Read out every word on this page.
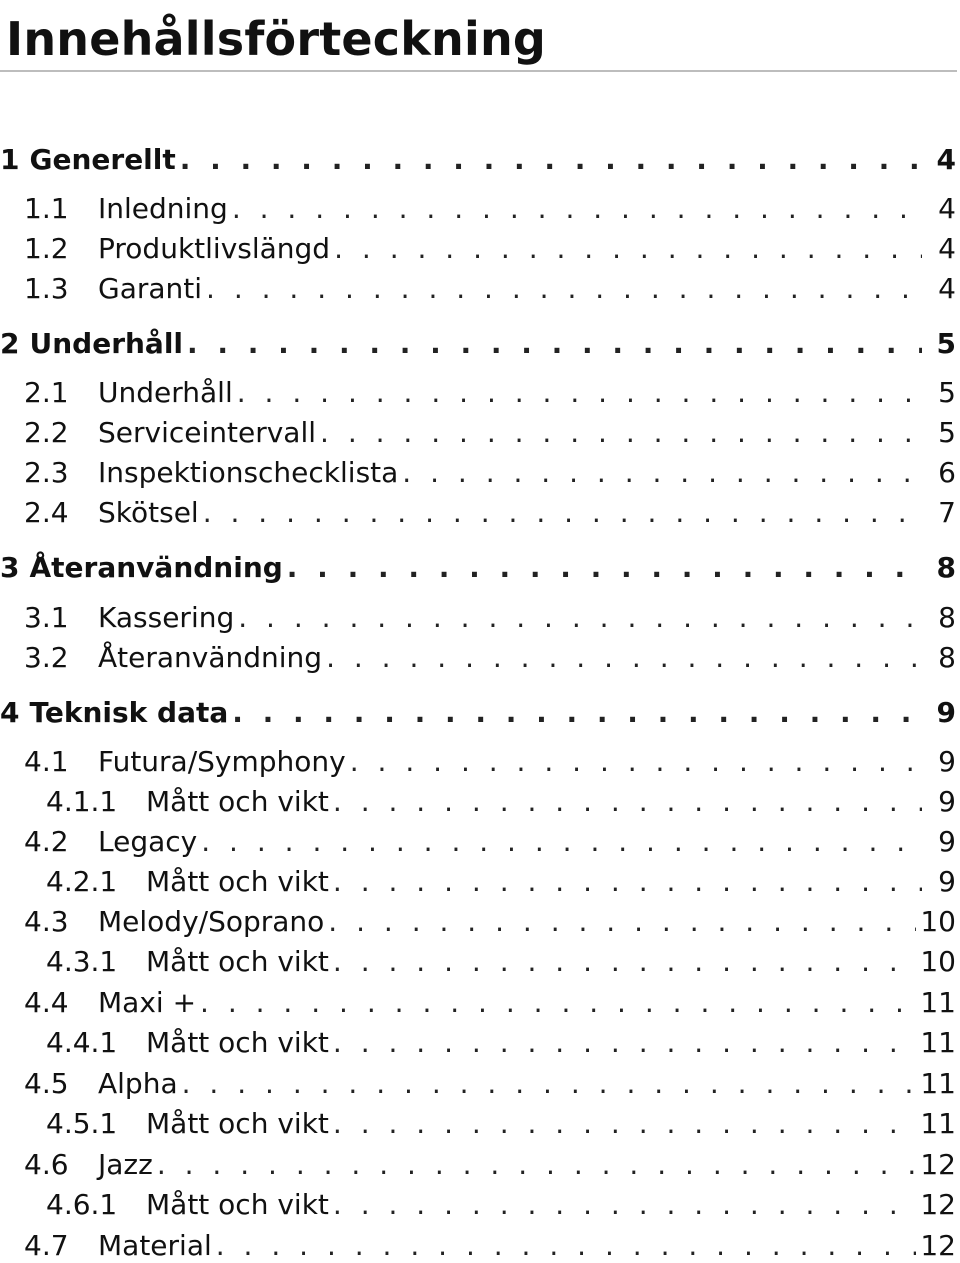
Innehållsförteckning
1 Generellt . . .	4
1.1	Inledning . . .	4
1.2	Produktlivslängd . . .	4
1.3	Garanti . . .	4
2 Underhåll . . .	5
2.1	Underhåll . . .	5
2.2	Serviceintervall . . .	5
2.3	Inspektionschecklista . . .	6
2.4	Skötsel . . .	7
3 Återanvändning . . .	8
3.1	Kassering . . .	8
3.2	Återanvändning . . .	8
4 Teknisk data . . .	9
4.1	Futura/Symphony . . .	9
4.1.1	Mått och vikt . . .	9
4.2	Legacy . . .	9
4.2.1	Mått och vikt . . .	9
4.3	Melody/Soprano . . .	10
4.3.1	Mått och vikt . . .	10
4.4	Maxi + . . .	11
4.4.1	Mått och vikt . . .	11
4.5	Alpha . . .	11
4.5.1	Mått och vikt . . .	11
4.6	Jazz . . .	12
4.6.1	Mått och vikt . . .	12
4.7	Material . . .	12
